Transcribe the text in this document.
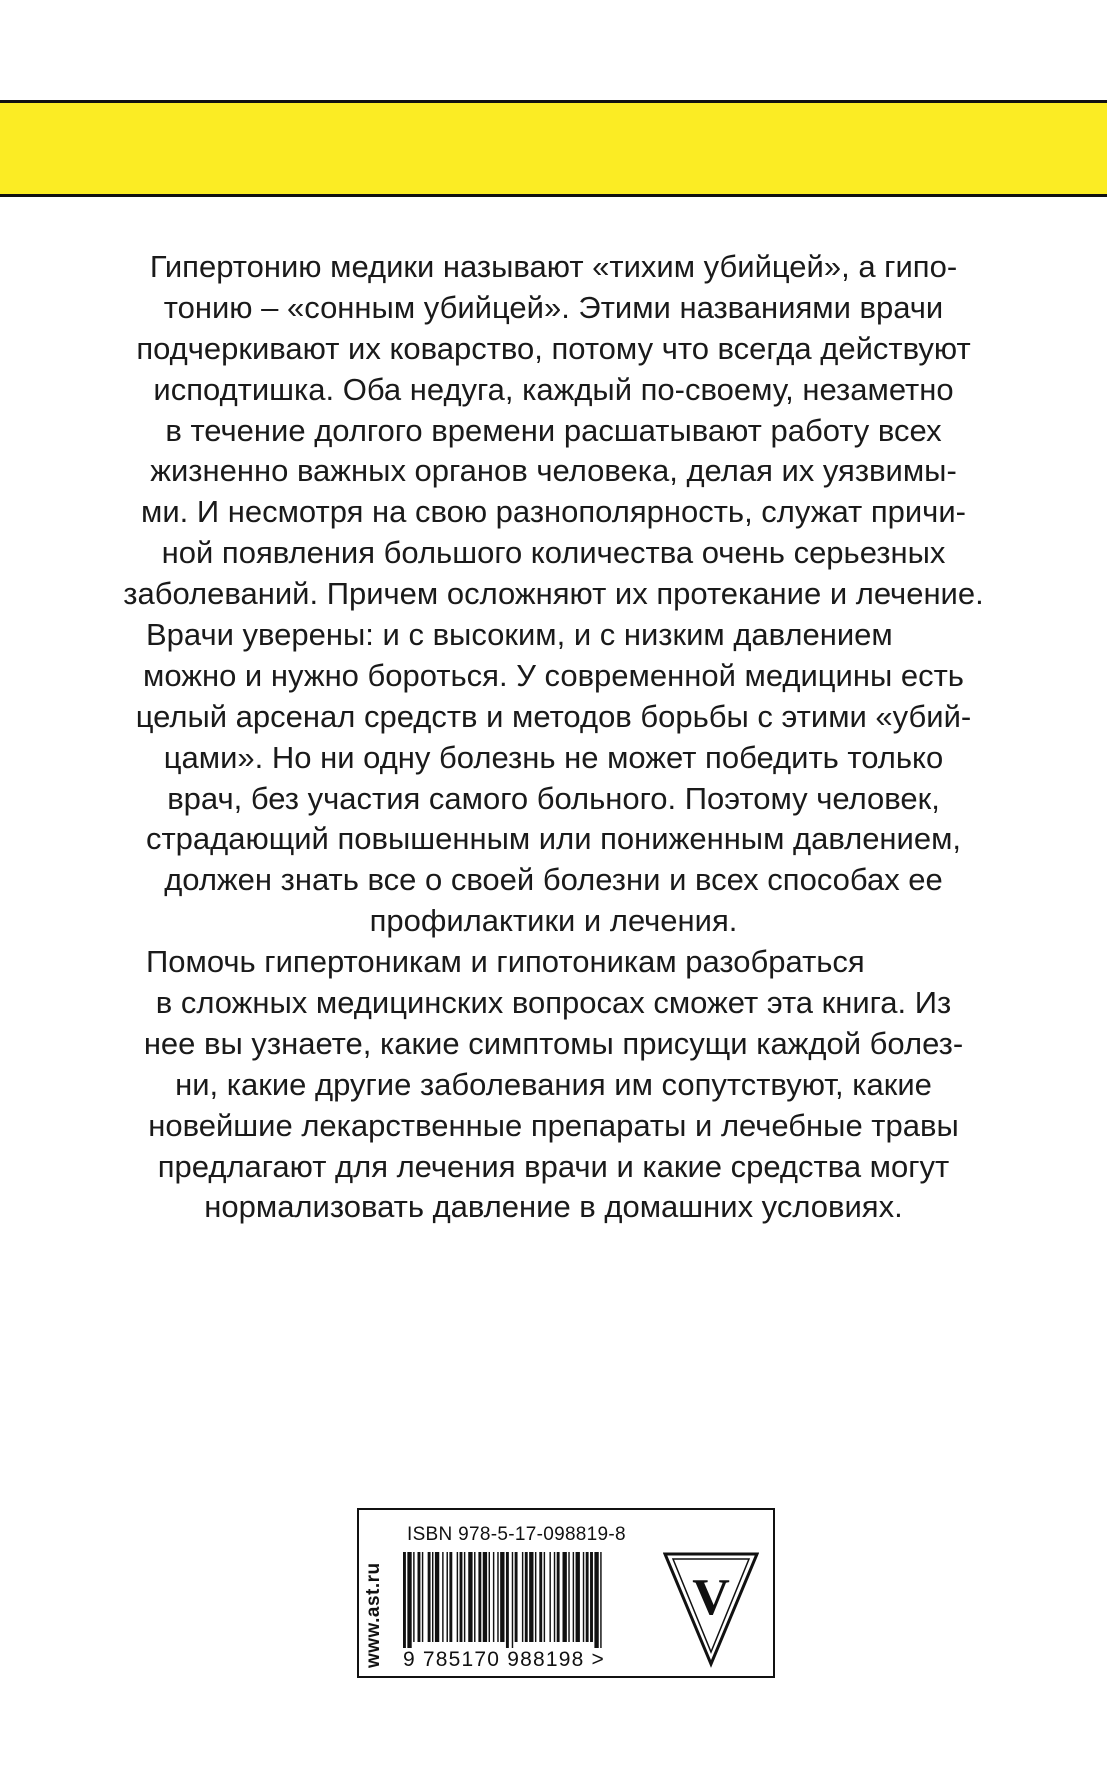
Гипертонию медики называют «тихим убийцей», а гипо-
тонию – «сонным убийцей». Этими названиями врачи
подчеркивают их коварство, потому что всегда действуют
исподтишка. Оба недуга, каждый по-своему, незаметно
в течение долгого времени расшатывают работу всех
жизненно важных органов человека, делая их уязвимы-
ми. И несмотря на свою разнополярность, служат причи-
ной появления большого количества очень серьезных
заболеваний. Причем осложняют их протекание и лечение.
Врачи уверены: и с высоким, и с низким давлением
можно и нужно бороться. У современной медицины есть
целый арсенал средств и методов борьбы с этими «убий-
цами». Но ни одну болезнь не может победить только
врач, без участия самого больного. Поэтому человек,
страдающий повышенным или пониженным давлением,
должен знать все о своей болезни и всех способах ее
профилактики и лечения.
Помочь гипертоникам и гипотоникам разобраться
в сложных медицинских вопросах сможет эта книга. Из
нее вы узнаете, какие симптомы присущи каждой болез-
ни, какие другие заболевания им сопутствуют, какие
новейшие лекарственные препараты и лечебные травы
предлагают для лечения врачи и какие средства могут
нормализовать давление в домашних условиях.
www.ast.ru
ISBN 978-5-17-098819-8
9 785170 988198 >
V
